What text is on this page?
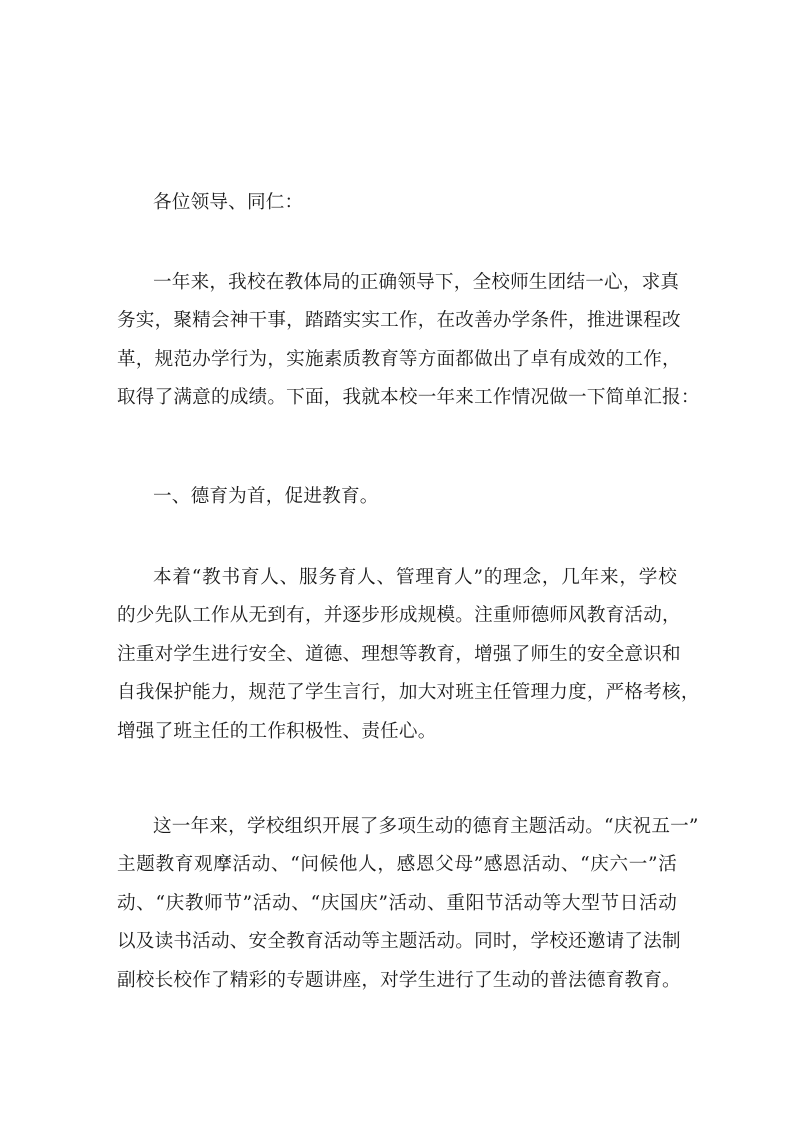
各位领导、同仁：
一年来，我校在教体局的正确领导下，全校师生团结一心，求真
务实，聚精会神干事，踏踏实实工作，在改善办学条件，推进课程改
革，规范办学行为，实施素质教育等方面都做出了卓有成效的工作，
取得了满意的成绩。下面，我就本校一年来工作情况做一下简单汇报：
一、德育为首，促进教育。
本着“教书育人、服务育人、管理育人”的理念，几年来，学校
的少先队工作从无到有，并逐步形成规模。注重师德师风教育活动，
注重对学生进行安全、道德、理想等教育，增强了师生的安全意识和
自我保护能力，规范了学生言行，加大对班主任管理力度，严格考核，
增强了班主任的工作积极性、责任心。
这一年来，学校组织开展了多项生动的德育主题活动。“庆祝五一”
主题教育观摩活动、“问候他人，感恩父母”感恩活动、“庆六一”活
动、“庆教师节”活动、“庆国庆”活动、重阳节活动等大型节日活动
以及读书活动、安全教育活动等主题活动。同时，学校还邀请了法制
副校长校作了精彩的专题讲座，对学生进行了生动的普法德育教育。
